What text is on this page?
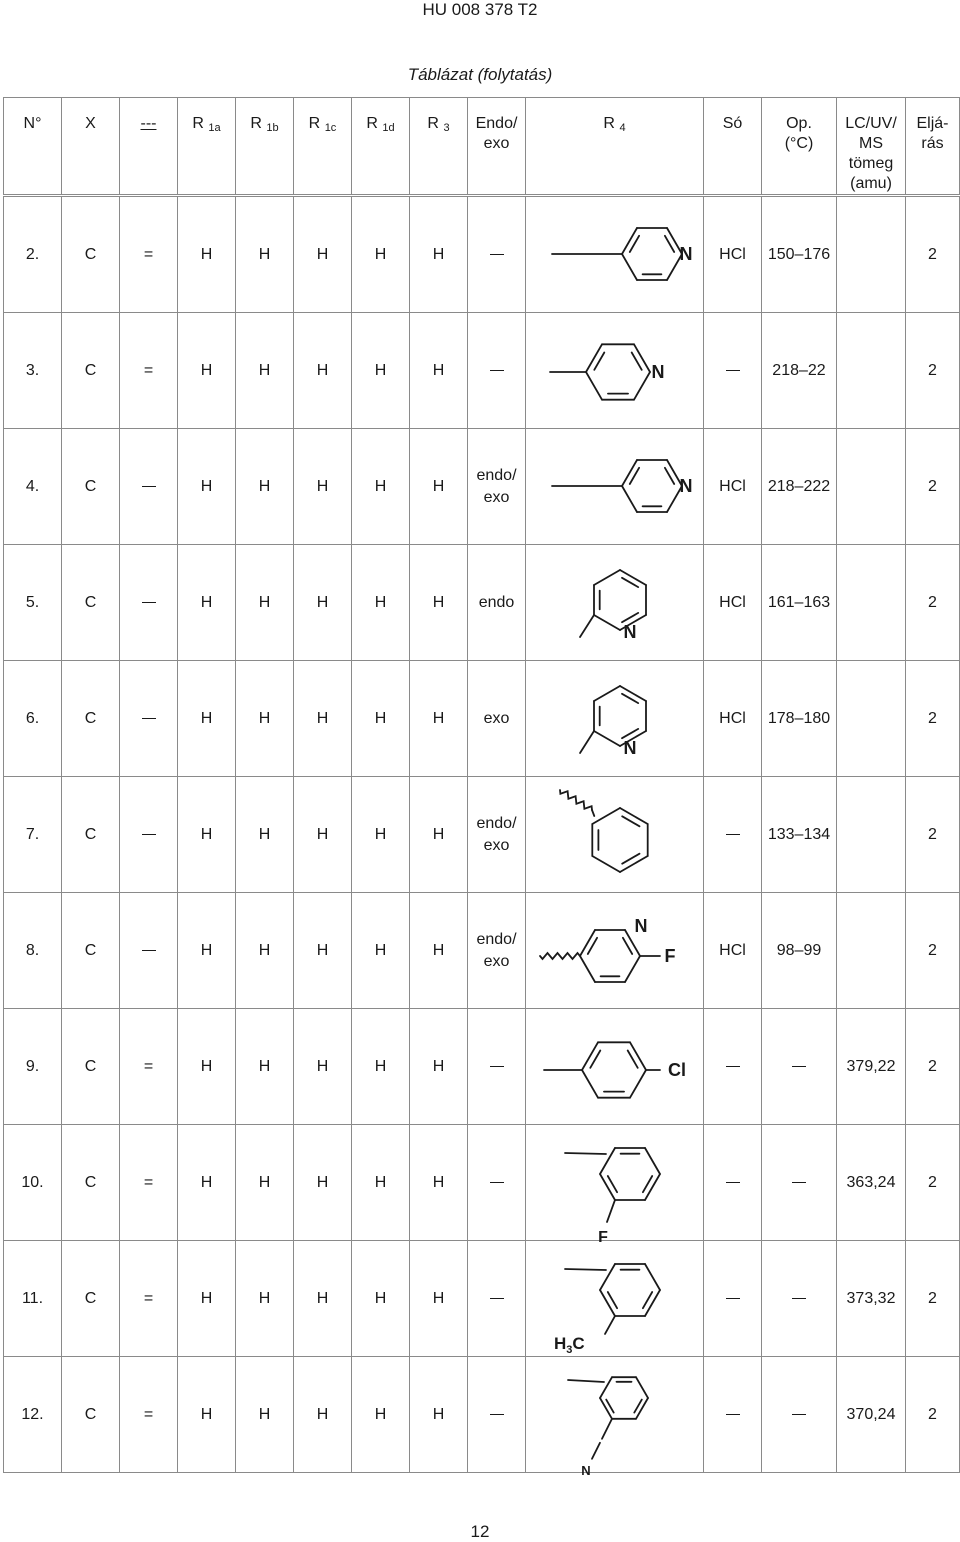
HU 008 378 T2
Táblázat (folytatás)
N°	X	---	R $_{1a}$	R $_{1b}$	R $_{1c}$	R $_{1d}$	R $_3$	Endo/
exo	R $_4$	Só	Op.
(°C)	LC/UV/
MS
tömeg
(amu)	Eljá-
rás

2.	C	=	H	H	H	H	H		N	HCl	150–176		2
3.	C	=	H	H	H	H	H		N		218–22		2
4.	C		H	H	H	H	H	endo/
exo	N	HCl	218–222		2
5.	C		H	H	H	H	H	endo	N	HCl	161–163		2
6.	C		H	H	H	H	H	exo	N	HCl	178–180		2
7.	C		H	H	H	H	H	endo/
exo			133–134		2
8.	C		H	H	H	H	H	endo/
exo	N
F	HCl	98–99		2
9.	C	=	H	H	H	H	H		Cl			379,22	2
10.	C	=	H	H	H	H	H		F			363,24	2
11.	C	=	H	H	H	H	H		$H_3C$			373,32	2
12.	C	=	H	H	H	H	H		N			370,24	2
12
